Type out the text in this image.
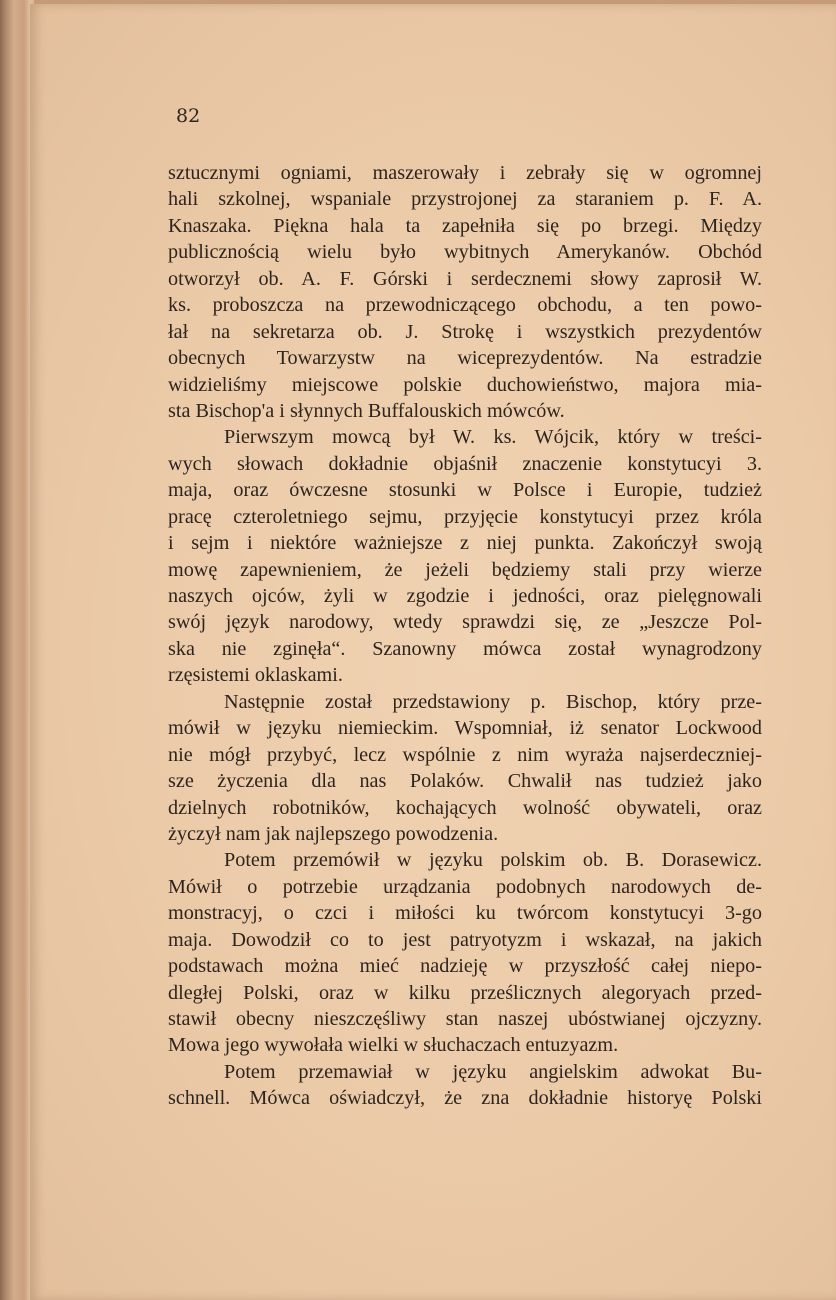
82

sztucznymi ogniami, maszerowały i zebrały się w ogromnej
hali szkolnej, wspaniale przystrojonej za staraniem p. F. A.
Knaszaka. Piękna hala ta zapełniła się po brzegi. Między
publicznością wielu było wybitnych Amerykanów. Obchód
otworzył ob. A. F. Górski i serdecznemi słowy zaprosił W.
ks. proboszcza na przewodniczącego obchodu, a ten powo-
łał na sekretarza ob. J. Strokę i wszystkich prezydentów
obecnych Towarzystw na wiceprezydentów. Na estradzie
widzieliśmy miejscowe polskie duchowieństwo, majora mia-
sta Bischop'a i słynnych Buffalouskich mówców.
Pierwszym mowcą był W. ks. Wójcik, który w treści-
wych słowach dokładnie objaśnił znaczenie konstytucyi 3.
maja, oraz ówczesne stosunki w Polsce i Europie, tudzież
pracę czteroletniego sejmu, przyjęcie konstytucyi przez króla
i sejm i niektóre ważniejsze z niej punkta. Zakończył swoją
mowę zapewnieniem, że jeżeli będziemy stali przy wierze
naszych ojców, żyli w zgodzie i jedności, oraz pielęgnowali
swój język narodowy, wtedy sprawdzi się, ze „Jeszcze Pol-
ska nie zginęła“. Szanowny mówca został wynagrodzony
rzęsistemi oklaskami.
Następnie został przedstawiony p. Bischop, który prze-
mówił w języku niemieckim. Wspomniał, iż senator Lockwood
nie mógł przybyć, lecz wspólnie z nim wyraża najserdeczniej-
sze życzenia dla nas Polaków. Chwalił nas tudzież jako
dzielnych robotników, kochających wolność obywateli, oraz
życzył nam jak najlepszego powodzenia.
Potem przemówił w języku polskim ob. B. Dorasewicz.
Mówił o potrzebie urządzania podobnych narodowych de-
monstracyj, o czci i miłości ku twórcom konstytucyi 3-go
maja. Dowodził co to jest patryotyzm i wskazał, na jakich
podstawach można mieć nadzieję w przyszłość całej niepo-
dległej Polski, oraz w kilku prześlicznych alegoryach przed-
stawił obecny nieszczęśliwy stan naszej ubóstwianej ojczyzny.
Mowa jego wywołała wielki w słuchaczach entuzyazm.
Potem przemawiał w języku angielskim adwokat Bu-
schnell. Mówca oświadczył, że zna dokładnie historyę Polski
